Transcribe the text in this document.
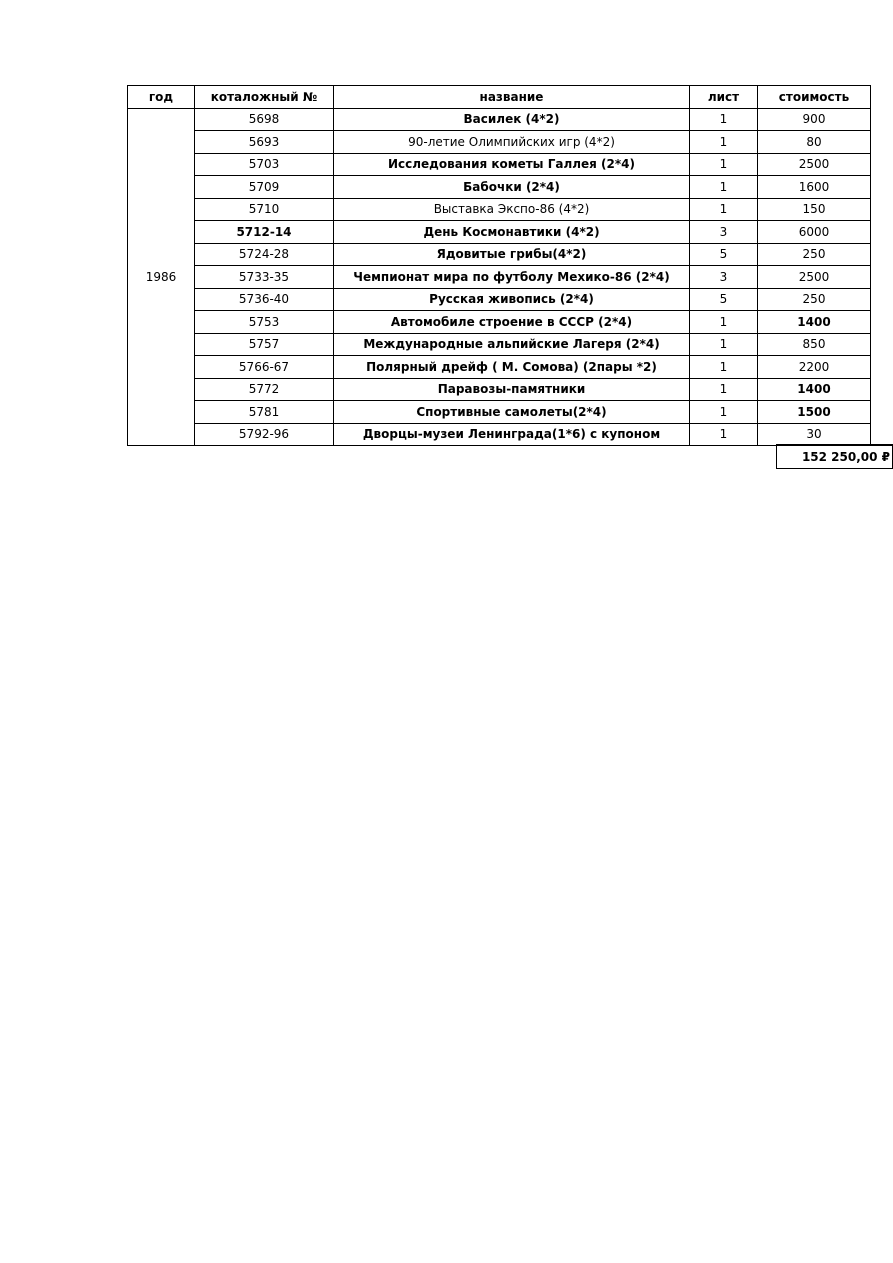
год	коталожный №	название	лист	стоимость
1986	5698	Василек (4*2)	1	900
	5693	90-летие Олимпийских игр (4*2)	1	80
	5703	Исследования кометы Галлея (2*4)	1	2500
	5709	Бабочки (2*4)	1	1600
	5710	Выставка Экспо-86 (4*2)	1	150
	5712-14	День Космонавтики (4*2)	3	6000
	5724-28	Ядовитые грибы(4*2)	5	250
	5733-35	Чемпионат мира по футболу Мехико-86 (2*4)	3	2500
	5736-40	Русская живопись (2*4)	5	250
	5753	Автомобиле строение в СССР (2*4)	1	1400
	5757	Международные альпийские Лагеря (2*4)	1	850
	5766-67	Полярный дрейф ( М. Сомова) (2пары *2)	1	2200
	5772	Паравозы-памятники	1	1400
	5781	Спортивные самолеты(2*4)	1	1500
	5792-96	Дворцы-музеи Ленинграда(1*6) с купоном	1	30
152 250,00 ₽
